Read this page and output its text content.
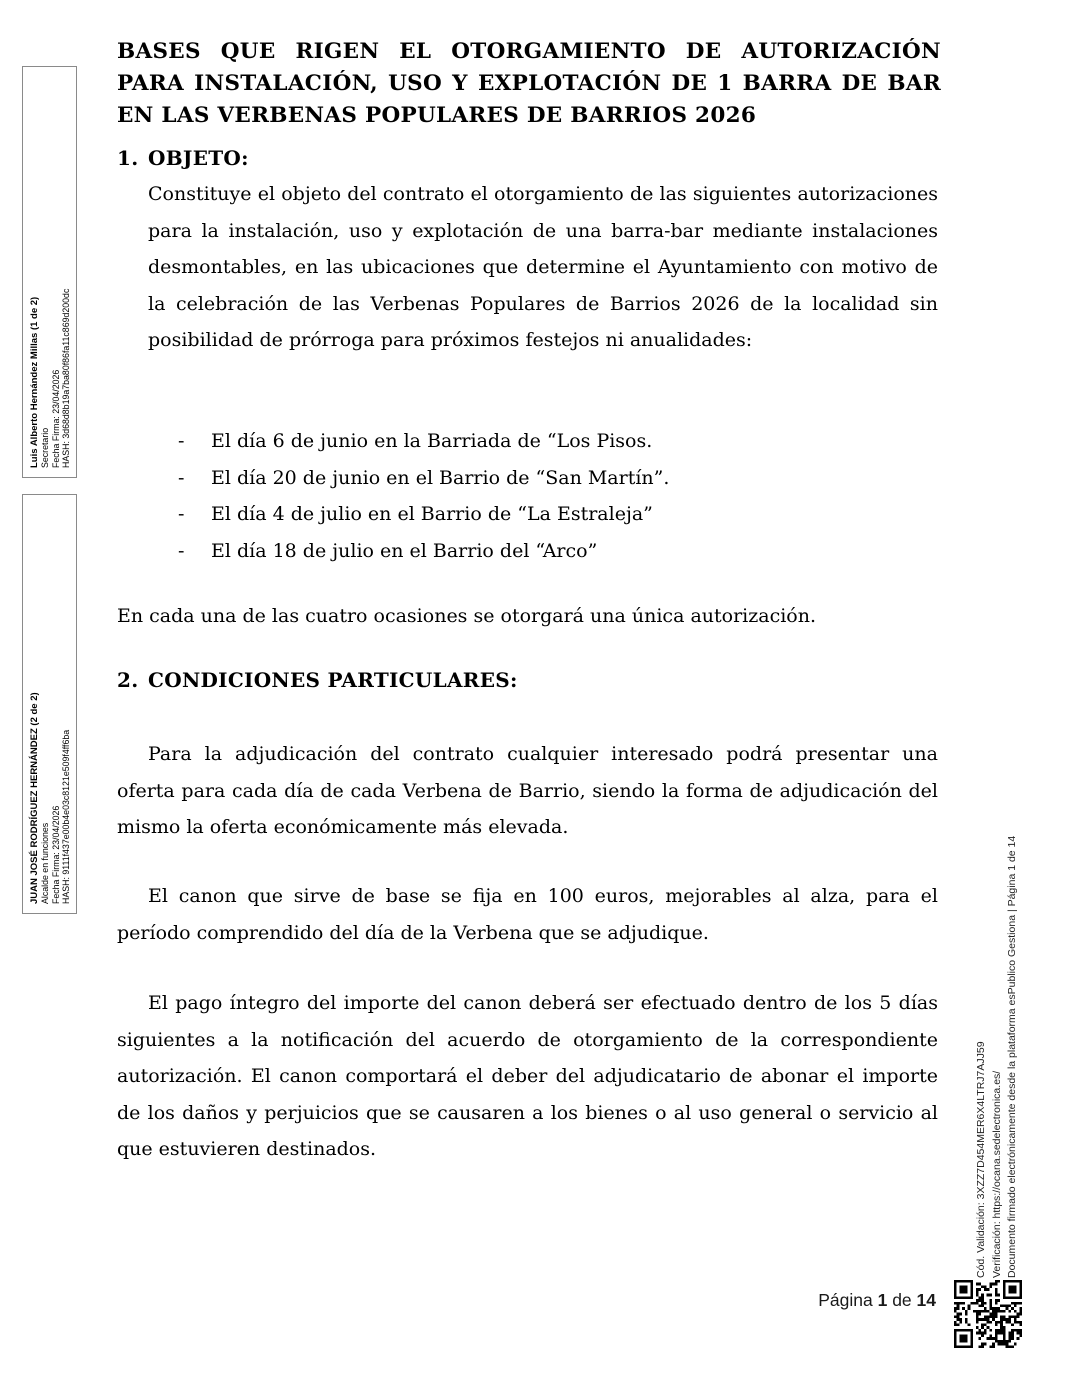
Luis Alberto Hernández Millas (1 de 2) Secretario Fecha Firma: 23/04/2026 HASH: 3d68d8b19a7ba80f86fa11c869d200dc
JUAN JOSÉ RODRÍGUEZ HERNÁNDEZ (2 de 2) Alcalde en funciones Fecha Firma: 23/04/2026 HASH: 9111f437e00b4e03c8121e509f4ff6ba
BASES QUE RIGEN EL OTORGAMIENTO DE AUTORIZACIÓN PARA INSTALACIÓN, USO Y EXPLOTACIÓN DE 1 BARRA DE BAR EN LAS VERBENAS POPULARES DE BARRIOS 2026
1. OBJETO:
Constituye el objeto del contrato el otorgamiento de las siguientes autorizaciones para la instalación, uso y explotación de una barra-bar mediante instalaciones desmontables, en las ubicaciones que determine el Ayuntamiento con motivo de la celebración de las Verbenas Populares de Barrios 2026 de la localidad sin posibilidad de prórroga para próximos festejos ni anualidades:
-	El día 6 de junio en la Barriada de “Los Pisos.
-	El día 20 de junio en el Barrio de “San Martín”.
-	El día 4 de julio en el Barrio de “La Estraleja”
-	El día 18 de julio en el Barrio del “Arco”
En cada una de las cuatro ocasiones se otorgará una única autorización.
2. CONDICIONES PARTICULARES:
Para la adjudicación del contrato cualquier interesado podrá presentar una oferta para cada día de cada Verbena de Barrio, siendo la forma de adjudicación del mismo la oferta económicamente más elevada.
El canon que sirve de base se fija en 100 euros, mejorables al alza, para el período comprendido del día de la Verbena que se adjudique.
El pago íntegro del importe del canon deberá ser efectuado dentro de los 5 días siguientes a la notificación del acuerdo de otorgamiento de la correspondiente autorización. El canon comportará el deber del adjudicatario de abonar el importe de los daños y perjuicios que se causaren a los bienes o al uso general o servicio al que estuvieren destinados.
Página 1 de 14
Cód. Validación: 3XZZ7D454MER6X4LTRJ7AJJ59 Verificación: https://ocana.sedelectronica.es/ Documento firmado electrónicamente desde la plataforma esPublico Gestiona | Página 1 de 14
